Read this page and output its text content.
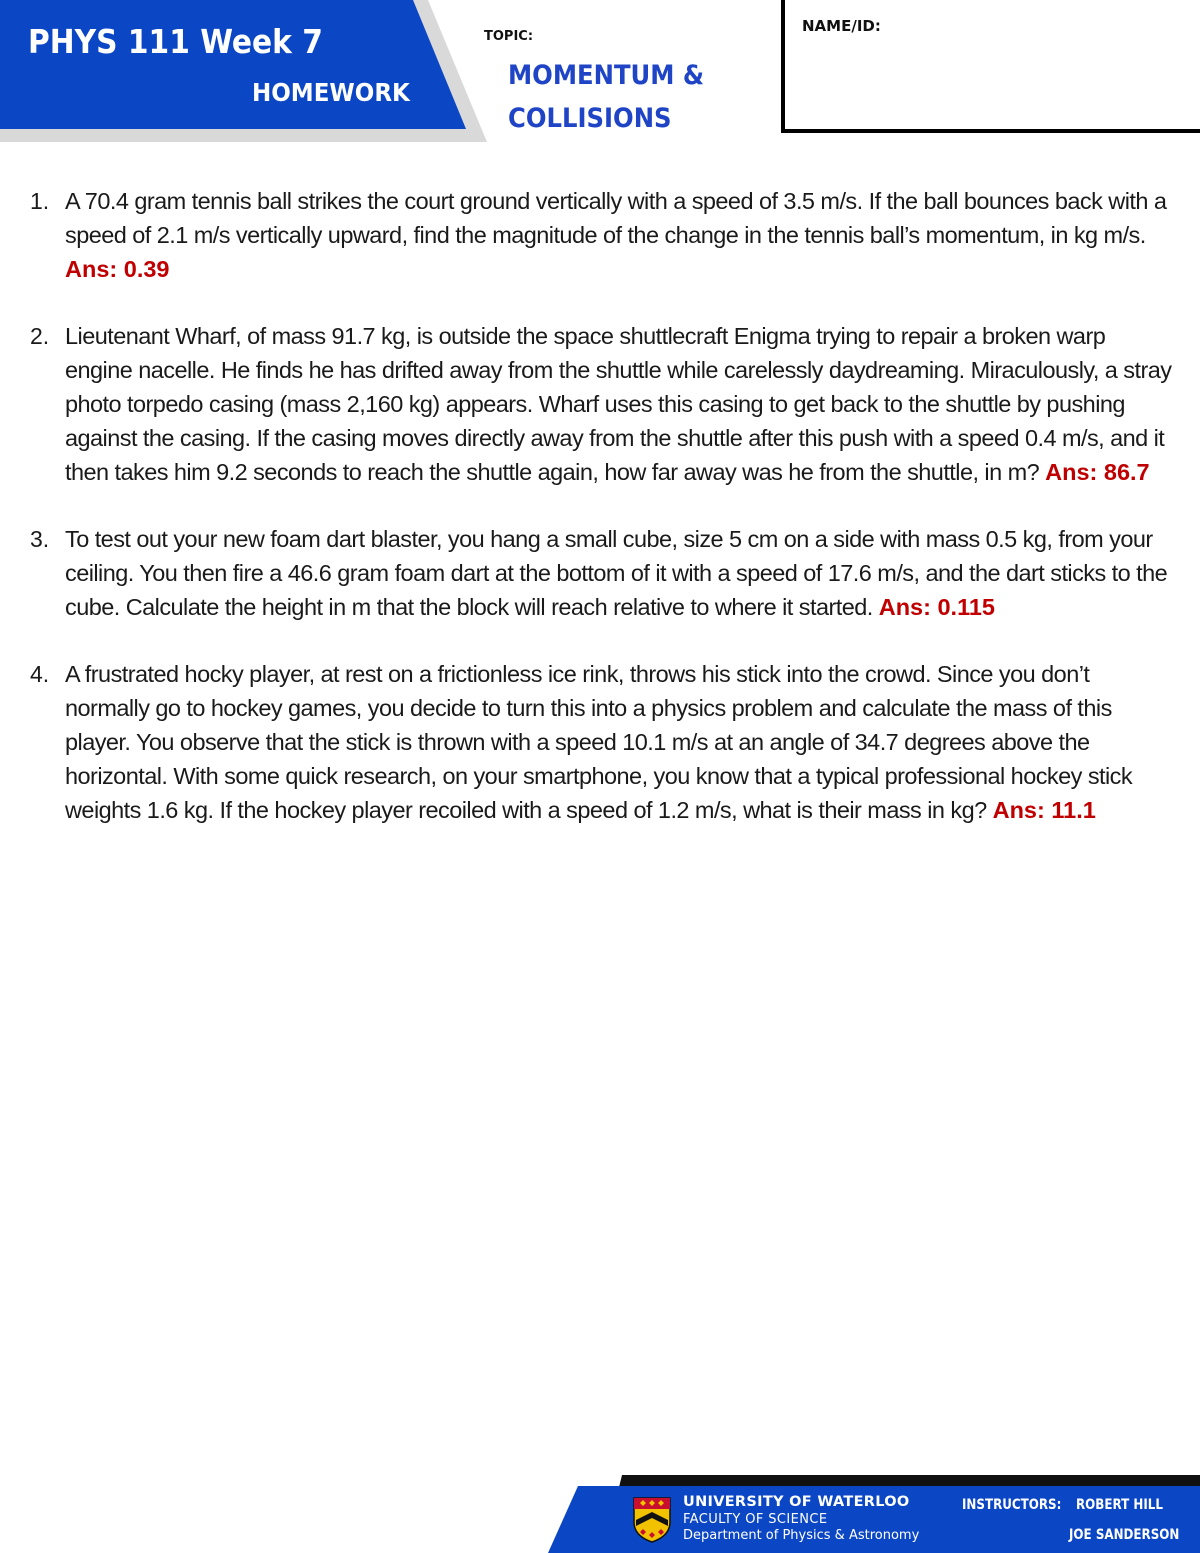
PHYS 111 Week 7
HOMEWORK
TOPIC:
MOMENTUM &
COLLISIONS
NAME/ID:
1. A 70.4 gram tennis ball strikes the court ground vertically with a speed of 3.5 m/s. If the ball bounces back with a speed of 2.1 m/s vertically upward, find the magnitude of the change in the tennis ball’s momentum, in kg m/s.  Ans: 0.39
2. Lieutenant Wharf, of mass 91.7 kg, is outside the space shuttlecraft Enigma trying to repair a broken warp engine nacelle. He finds he has drifted away from the shuttle while carelessly daydreaming. Miraculously, a stray photo torpedo casing (mass 2,160 kg) appears. Wharf uses this casing to get back to the shuttle by pushing against the casing. If the casing moves directly away from the shuttle after this push with a speed 0.4 m/s, and it then takes him 9.2 seconds to reach the shuttle again, how far away was he from the shuttle, in m? Ans: 86.7
3. To test out your new foam dart blaster, you hang a small cube, size 5 cm on a side with mass 0.5 kg, from your ceiling. You then fire a 46.6 gram foam dart at the bottom of it with a speed of 17.6 m/s, and the dart sticks to the cube. Calculate the height in m that the block will reach relative to where it started. Ans: 0.115
4. A frustrated hocky player, at rest on a frictionless ice rink, throws his stick into the crowd. Since you don’t normally go to hockey games, you decide to turn this into a physics problem and calculate the mass of this player. You observe that the stick is thrown with a speed 10.1 m/s at an angle of 34.7 degrees above the horizontal. With some quick research, on your smartphone, you know that a typical professional hockey stick weights 1.6 kg. If the hockey player recoiled with a speed of 1.2 m/s, what is their mass in kg? Ans: 11.1
UNIVERSITY OF WATERLOO
FACULTY OF SCIENCE
Department of Physics & Astronomy
INSTRUCTORS: ROBERT HILL
JOE SANDERSON
